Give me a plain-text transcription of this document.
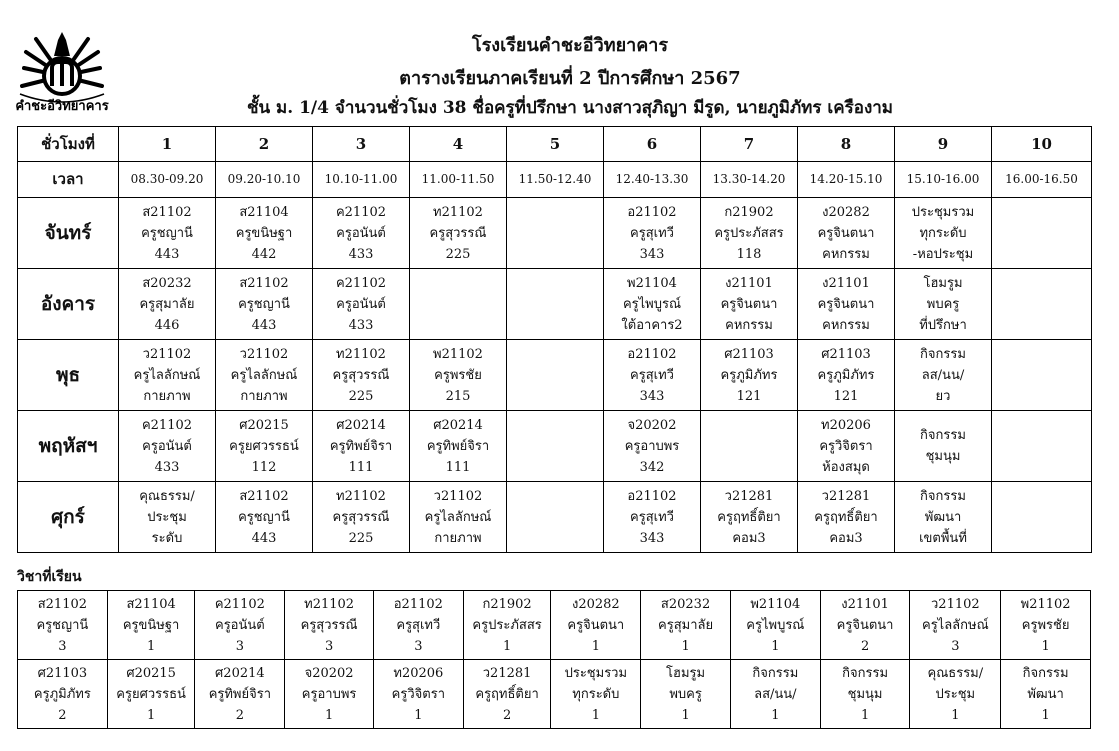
คำชะอีวิทยาคาร
โรงเรียนคำชะอีวิทยาคาร
ตารางเรียนภาคเรียนที่ 2 ปีการศึกษา 2567
ชั้น ม. 1/4 จำนวนชั่วโมง 38 ชื่อครูที่ปรึกษา นางสาวสุภิญา มีรูด, นายภูมิภัทร เครืองาม
ชั่วโมงที่	1	2	3	4	5	6	7	8	9	10
เวลา	08.30-09.20	09.20-10.10	10.10-11.00	11.00-11.50	11.50-12.40	12.40-13.30	13.30-14.20	14.20-15.10	15.10-16.00	16.00-16.50
จันทร์	ส21102
ครูชญานี
443	ส21104
ครูขนิษฐา
442	ค21102
ครูอนันต์
433	ท21102
ครูสุวรรณี
225		อ21102
ครูสุเทวี
343	ก21902
ครูประภัสสร
118	ง20282
ครูจินตนา
คหกรรม	ประชุมรวม
ทุกระดับ
-หอประชุม	

อังคาร	ส20232
ครูสุมาลัย
446	ส21102
ครูชญานี
443	ค21102
ครูอนันต์
433			พ21104
ครูไพบูรณ์
ใต้อาคาร2	ง21101
ครูจินตนา
คหกรรม	ง21101
ครูจินตนา
คหกรรม	โฮมรูม
พบครู
ที่ปรึกษา	

พุธ	ว21102
ครูไลลักษณ์
กายภาพ	ว21102
ครูไลลักษณ์
กายภาพ	ท21102
ครูสุวรรณี
225	พ21102
ครูพรชัย
215		อ21102
ครูสุเทวี
343	ศ21103
ครูภูมิภัทร
121	ศ21103
ครูภูมิภัทร
121	กิจกรรม
ลส/นน/
ยว	

พฤหัสฯ	ค21102
ครูอนันต์
433	ศ20215
ครูยศวรรธน์
112	ศ20214
ครูทิพย์จิรา
111	ศ20214
ครูทิพย์จิรา
111		จ20202
ครูอาบพร
342		ท20206
ครูวิจิตรา
ห้องสมุด	กิจกรรม
ชุมนุม	

ศุกร์	คุณธรรม/
ประชุม
ระดับ	ส21102
ครูชญานี
443	ท21102
ครูสุวรรณี
225	ว21102
ครูไลลักษณ์
กายภาพ		อ21102
ครูสุเทวี
343	ว21281
ครูฤทธิ์ติยา
คอม3	ว21281
ครูฤทธิ์ติยา
คอม3	กิจกรรม
พัฒนา
เขตพื้นที่	

วิชาที่เรียน
ส21102
ครูชญานี
3	ส21104
ครูขนิษฐา
1	ค21102
ครูอนันต์
3	ท21102
ครูสุวรรณี
3	อ21102
ครูสุเทวี
3	ก21902
ครูประภัสสร
1	ง20282
ครูจินตนา
1	ส20232
ครูสุมาลัย
1	พ21104
ครูไพบูรณ์
1	ง21101
ครูจินตนา
2	ว21102
ครูไลลักษณ์
3	พ21102
ครูพรชัย
1

ศ21103
ครูภูมิภัทร
2	ศ20215
ครูยศวรรธน์
1	ศ20214
ครูทิพย์จิรา
2	จ20202
ครูอาบพร
1	ท20206
ครูวิจิตรา
1	ว21281
ครูฤทธิ์ติยา
2	ประชุมรวม
ทุกระดับ
1	โฮมรูม
พบครู
1	กิจกรรม
ลส/นน/
1	กิจกรรม
ชุมนุม
1	คุณธรรม/
ประชุม
1	กิจกรรม
พัฒนา
1
